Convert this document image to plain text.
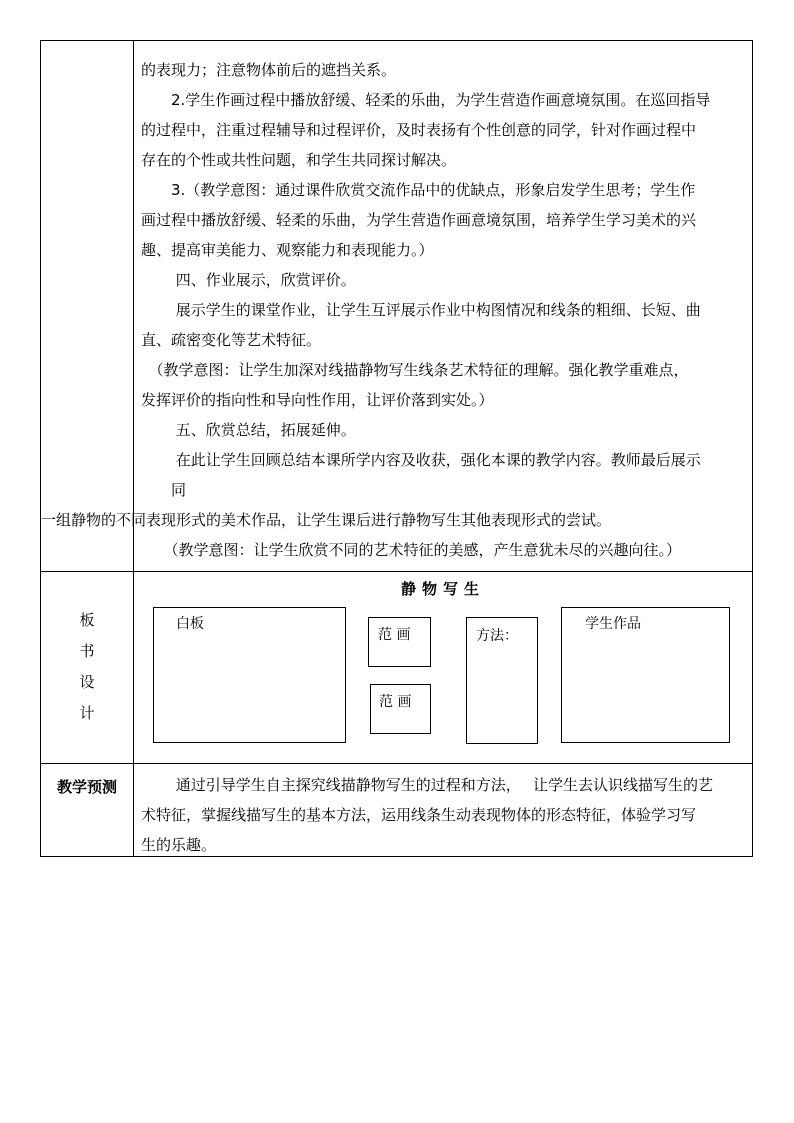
的表现力；注意物体前后的遮挡关系。
　　2.学生作画过程中播放舒缓、轻柔的乐曲，为学生营造作画意境氛围。在巡回指导
的过程中，注重过程辅导和过程评价，及时表扬有个性创意的同学，针对作画过程中
存在的个性或共性问题，和学生共同探讨解决。
　　3.（教学意图：通过课件欣赏交流作品中的优缺点，形象启发学生思考；学生作
画过程中播放舒缓、轻柔的乐曲，为学生营造作画意境氛围，培养学生学习美术的兴
趣、提高审美能力、观察能力和表现能力。）
　　 四、作业展示，欣赏评价。
　　 展示学生的课堂作业，让学生互评展示作业中构图情况和线条的粗细、长短、曲
直、疏密变化等艺术特征。
　（教学意图：让学生加深对线描静物写生线条艺术特征的理解。强化教学重难点，
发挥评价的指向性和导向性作用，让评价落到实处。）
　　 五、欣赏总结，拓展延伸。
　　 在此让学生回顾总结本课所学内容及收获，强化本课的教学内容。教师最后展示
　　同
一组静物的不同表现形式的美术作品，让学生课后进行静物写生其他表现形式的尝试。
　　（教学意图：让学生欣赏不同的艺术特征的美感，产生意犹未尽的兴趣向往。）
板
书
设
计
静物写生
白板
范 画
范 画
方法：
学生作品
教学预测	　　 通过引导学生自主探究线描静物写生的过程和方法，　 让学生去认识线描写生的艺
术特征，掌握线描写生的基本方法，运用线条生动表现物体的形态特征，体验学习写
生的乐趣。
